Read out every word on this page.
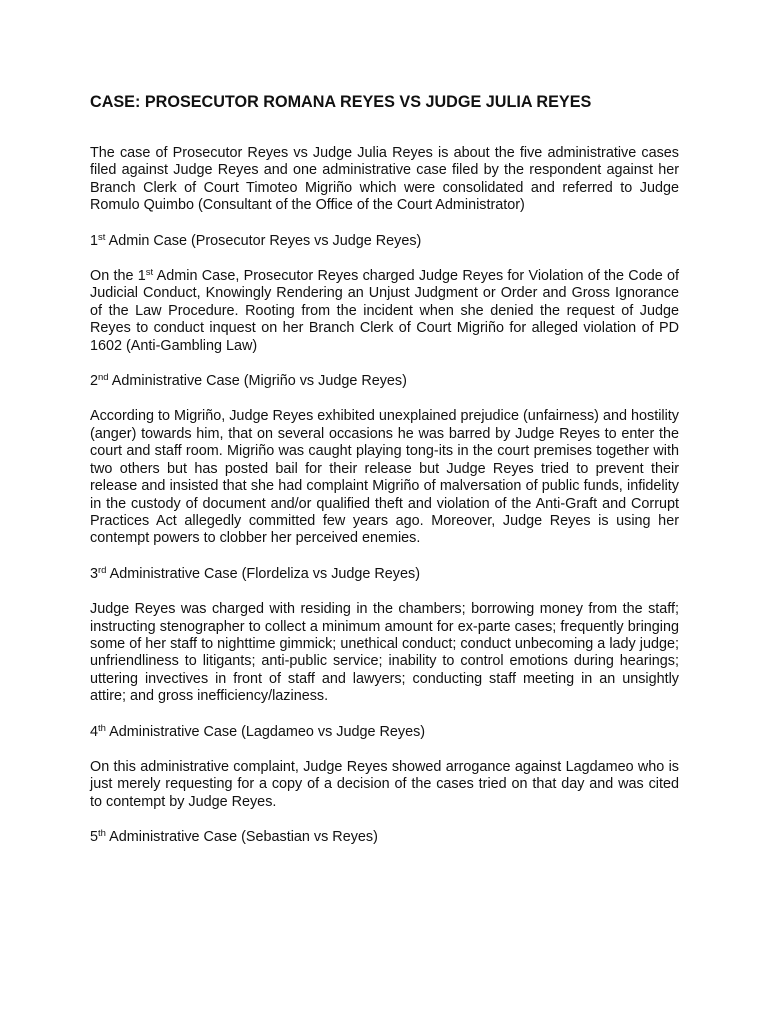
CASE: PROSECUTOR ROMANA REYES VS JUDGE JULIA REYES

The case of Prosecutor Reyes vs Judge Julia Reyes is about the five administrative cases filed against Judge Reyes and one administrative case filed by the respondent against her Branch Clerk of Court Timoteo Migriño which were consolidated and referred to Judge Romulo Quimbo (Consultant of the Office of the Court Administrator)

1st Admin Case (Prosecutor Reyes vs Judge Reyes)

On the 1st Admin Case, Prosecutor Reyes charged Judge Reyes for Violation of the Code of Judicial Conduct, Knowingly Rendering an Unjust Judgment or Order and Gross Ignorance of the Law Procedure. Rooting from the incident when she denied the request of Judge Reyes to conduct inquest on her Branch Clerk of Court Migriño for alleged violation of PD 1602 (Anti-Gambling Law)

2nd Administrative Case (Migriño vs Judge Reyes)

According to Migriño, Judge Reyes exhibited unexplained prejudice (unfairness) and hostility (anger) towards him, that on several occasions he was barred by Judge Reyes to enter the court and staff room. Migriño was caught playing tong-its in the court premises together with two others but has posted bail for their release but Judge Reyes tried to prevent their release and insisted that she had complaint Migriño of malversation of public funds, infidelity in the custody of document and/or qualified theft and violation of the Anti-Graft and Corrupt Practices Act allegedly committed few years ago. Moreover, Judge Reyes is using her contempt powers to clobber her perceived enemies.

3rd Administrative Case (Flordeliza vs Judge Reyes)

Judge Reyes was charged with residing in the chambers; borrowing money from the staff; instructing stenographer to collect a minimum amount for ex-parte cases; frequently bringing some of her staff to nighttime gimmick; unethical conduct; conduct unbecoming a lady judge; unfriendliness to litigants; anti-public service; inability to control emotions during hearings; uttering invectives in front of staff and lawyers; conducting staff meeting in an unsightly attire; and gross inefficiency/laziness.

4th Administrative Case (Lagdameo vs Judge Reyes)

On this administrative complaint, Judge Reyes showed arrogance against Lagdameo who is just merely requesting for a copy of a decision of the cases tried on that day and was cited to contempt by Judge Reyes.

5th Administrative Case (Sebastian vs Reyes)
